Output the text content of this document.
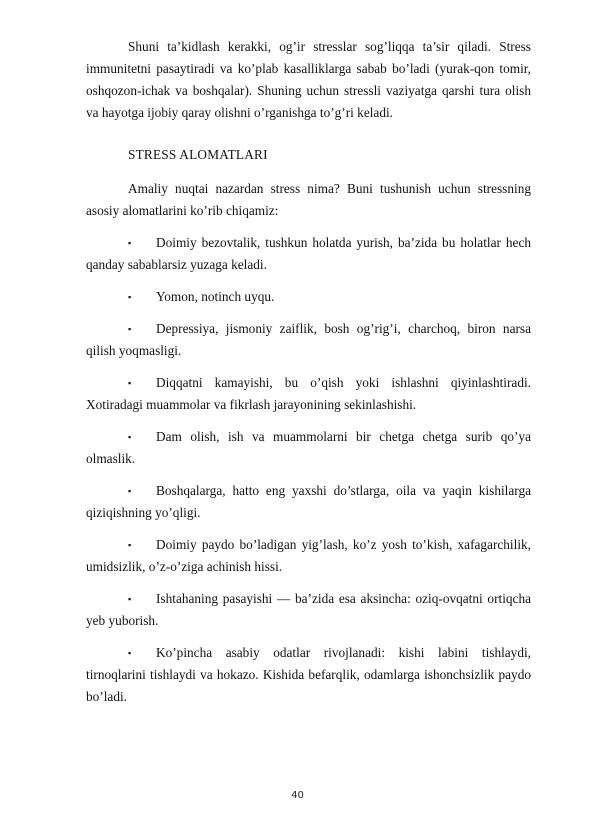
Shuni ta’kidlash kerakki, og’ir stresslar sog’liqqa ta’sir qiladi. Stress immunitetni pasaytiradi va ko’plab kasalliklarga sabab bo’ladi (yurak-qon tomir, oshqozon-ichak va boshqalar). Shuning uchun stressli vaziyatga qarshi tura olish va hayotga ijobiy qaray olishni o’rganishga to’g’ri keladi.

STRESS ALOMATLARI

Amaliy nuqtai nazardan stress nima? Buni tushunish uchun stressning asosiy alomatlarini ko’rib chiqamiz:

▪ Doimiy bezovtalik, tushkun holatda yurish, ba’zida bu holatlar hech qanday sabablarsiz yuzaga keladi.

▪ Yomon, notinch uyqu.

▪ Depressiya, jismoniy zaiflik, bosh og’rig’i, charchoq, biron narsa qilish yoqmasligi.

▪ Diqqatni kamayishi, bu o’qish yoki ishlashni qiyinlashtiradi. Xotiradagi muammolar va fikrlash jarayonining sekinlashishi.

▪ Dam olish, ish va muammolarni bir chetga chetga surib qo’ya olmaslik.

▪ Boshqalarga, hatto eng yaxshi do’stlarga, oila va yaqin kishilarga qiziqishning yo’qligi.

▪ Doimiy paydo bo’ladigan yig’lash, ko’z yosh to’kish, xafagarchilik, umidsizlik, o’z-o’ziga achinish hissi.

▪ Ishtahaning pasayishi — ba’zida esa aksincha: oziq-ovqatni ortiqcha yeb yuborish.

▪ Ko’pincha asabiy odatlar rivojlanadi: kishi labini tishlaydi, tirnoqlarini tishlaydi va hokazo. Kishida befarqlik, odamlarga ishonchsizlik paydo bo’ladi.

40
